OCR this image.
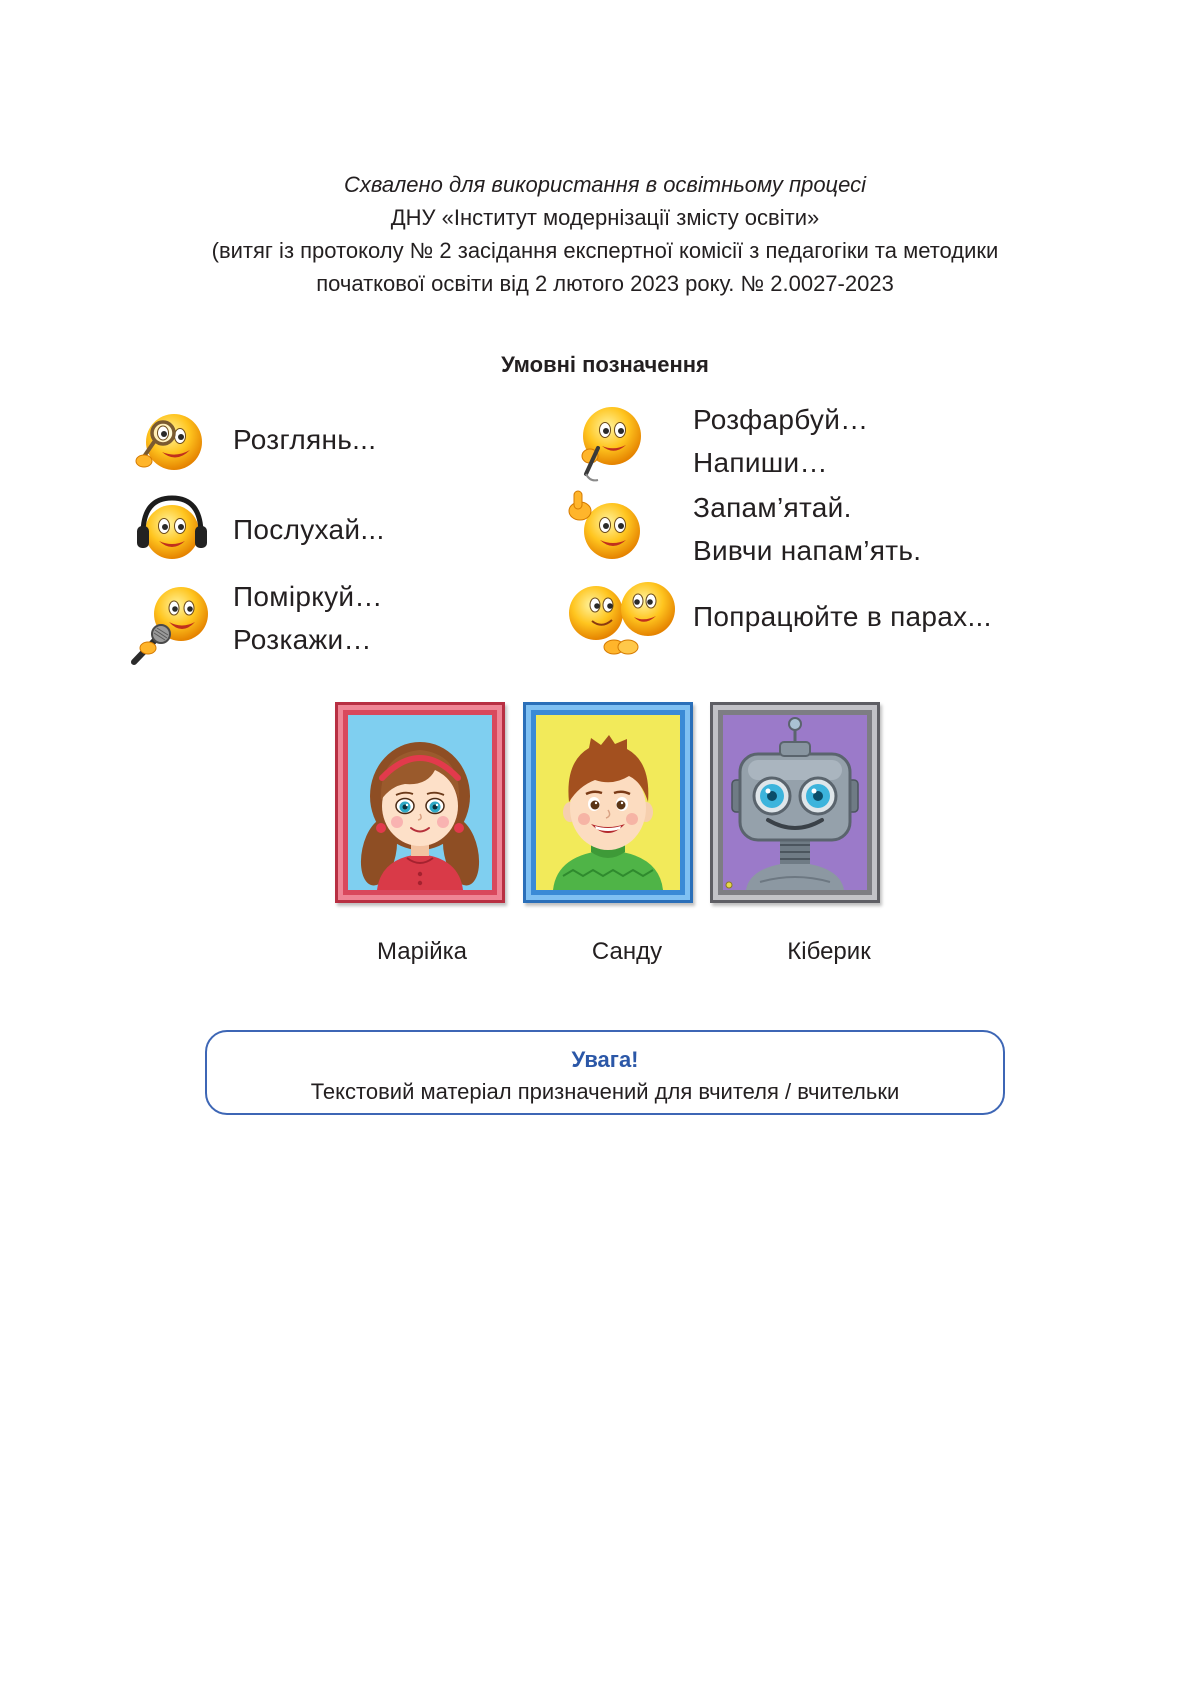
Схвалено для використання в освітньому процесі
ДНУ «Інститут модернізації змісту освіти»
(витяг із протоколу № 2 засідання експертної комісії з педагогіки та методики
початкової освіти від 2 лютого 2023 року. № 2.0027-2023
Умовні позначення
Розглянь...
Послухай...
Поміркуй…
Розкажи…
Розфарбуй…
Напиши…
Запам’ятай.
Вивчи напам’ять.
Попрацюйте в парах...
Марійка	Санду	Кіберик
Увага!
Текстовий матеріал призначений для вчителя / вчительки
